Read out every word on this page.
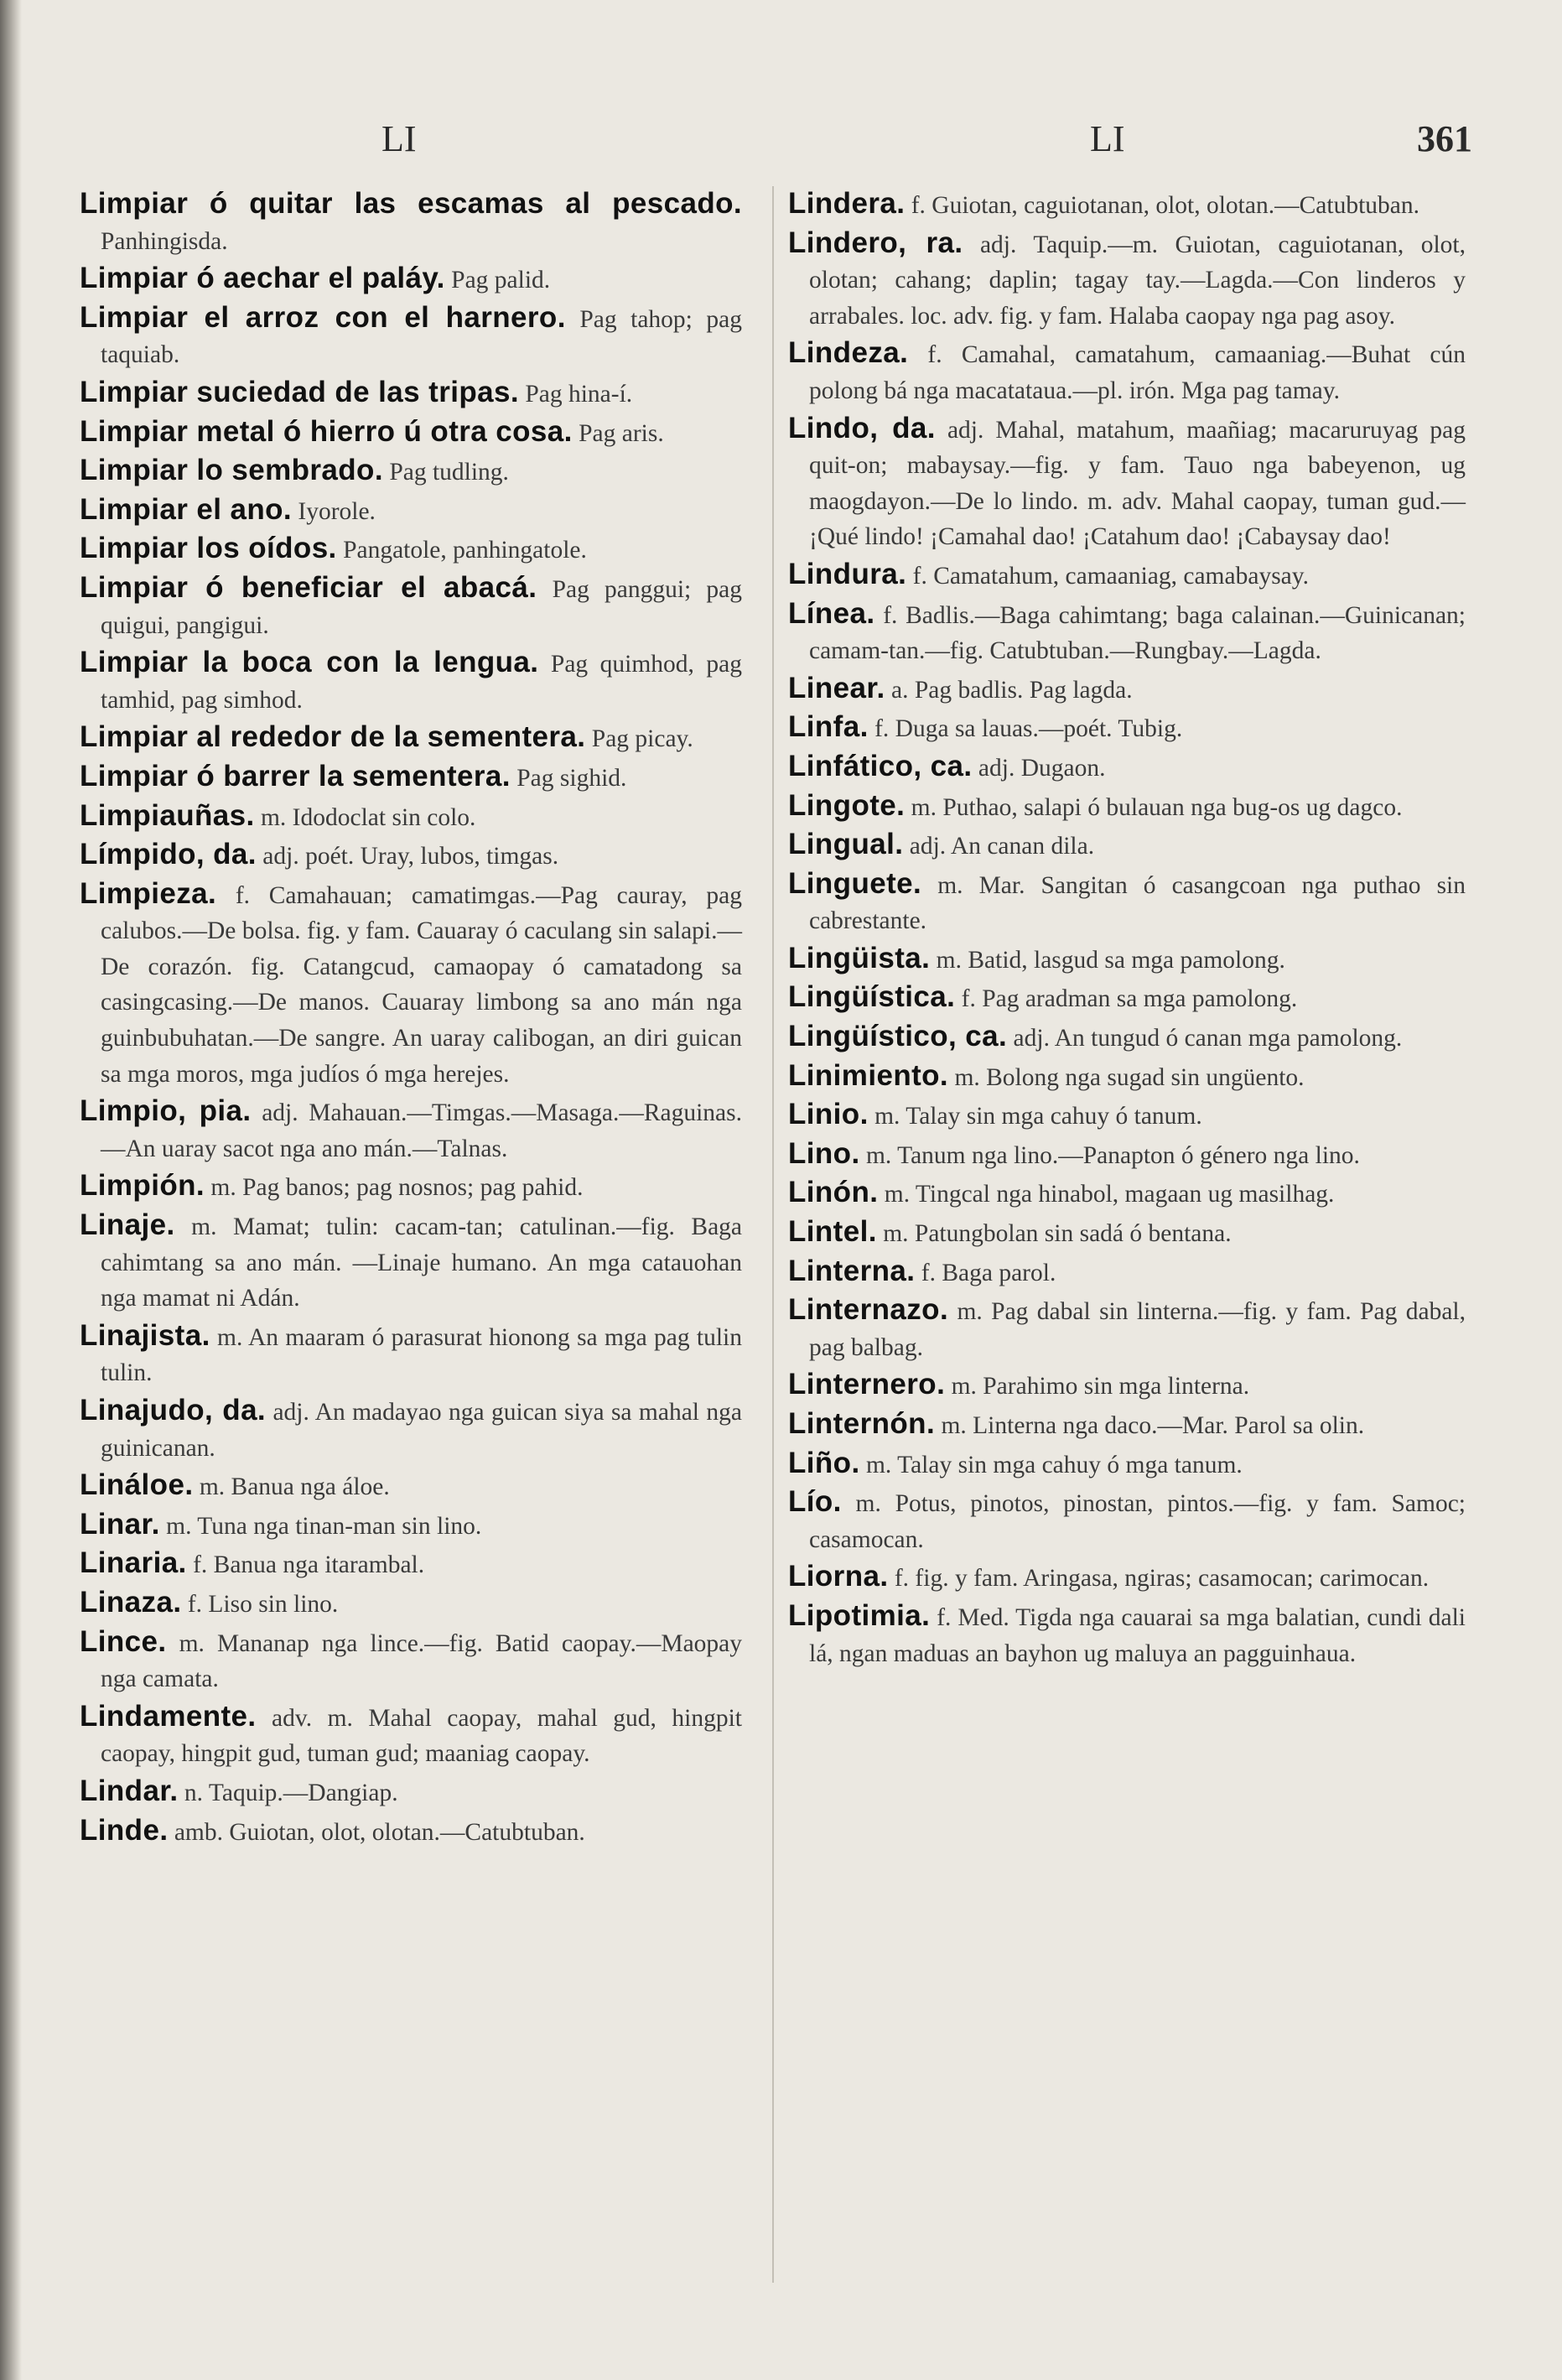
LI	LI	361
Limpiar ó quitar las escamas al pescado. Panhingisda.
Limpiar ó aechar el paláy. Pag palid.
Limpiar el arroz con el harnero. Pag tahop; pag taquiab.
Limpiar suciedad de las tripas. Pag hina-í.
Limpiar metal ó hierro ú otra cosa. Pag aris.
Limpiar lo sembrado. Pag tudling.
Limpiar el ano. Iyorole.
Limpiar los oídos. Pangatole, panhingatole.
Limpiar ó beneficiar el abacá. Pag panggui; pag quigui, pangigui.
Limpiar la boca con la lengua. Pag quimhod, pag tamhid, pag simhod.
Limpiar al rededor de la sementera. Pag picay.
Limpiar ó barrer la sementera. Pag sighid.
Limpiauñas. m. Idodoclat sin colo.
Límpido, da. adj. poét. Uray, lubos, timgas.
Limpieza. f. Camahauan; camatimgas.—Pag cauray, pag calubos.—De bolsa. fig. y fam. Cauaray ó caculang sin salapi.—De corazón. fig. Catangcud, camaopay ó camatadong sa casingcasing.—De manos. Cauaray limbong sa ano mán nga guinbubuhatan.—De sangre. An uaray calibogan, an diri guican sa mga moros, mga judíos ó mga herejes.
Limpio, pia. adj. Mahauan.—Timgas.—Masaga.—Raguinas.—An uaray sacot nga ano mán.—Talnas.
Limpión. m. Pag banos; pag nosnos; pag pahid.
Linaje. m. Mamat; tulin: cacam-tan; catulinan.—fig. Baga cahimtang sa ano mán. —Linaje humano. An mga catauohan nga mamat ni Adán.
Linajista. m. An maaram ó parasurat hionong sa mga pag tulin tulin.
Linajudo, da. adj. An madayao nga guican siya sa mahal nga guinicanan.
Lináloe. m. Banua nga áloe.
Linar. m. Tuna nga tinan-man sin lino.
Linaria. f. Banua nga itarambal.
Linaza. f. Liso sin lino.
Lince. m. Mananap nga lince.—fig. Batid caopay.—Maopay nga camata.
Lindamente. adv. m. Mahal caopay, mahal gud, hingpit caopay, hingpit gud, tuman gud; maaniag caopay.
Lindar. n. Taquip.—Dangiap.
Linde. amb. Guiotan, olot, olotan.—Catubtuban.
Lindera. f. Guiotan, caguiotanan, olot, olotan.—Catubtuban.
Lindero, ra. adj. Taquip.—m. Guiotan, caguiotanan, olot, olotan; cahang; daplin; tagay tay.—Lagda.—Con linderos y arrabales. loc. adv. fig. y fam. Halaba caopay nga pag asoy.
Lindeza. f. Camahal, camatahum, camaaniag.—Buhat cún polong bá nga macatataua.—pl. irón. Mga pag tamay.
Lindo, da. adj. Mahal, matahum, maañiag; macaruruyag pag quit-on; mabaysay.—fig. y fam. Tauo nga babeyenon, ug maogdayon.—De lo lindo. m. adv. Mahal caopay, tuman gud.—¡Qué lindo! ¡Camahal dao! ¡Catahum dao! ¡Cabaysay dao!
Lindura. f. Camatahum, camaaniag, camabaysay.
Línea. f. Badlis.—Baga cahimtang; baga calainan.—Guinicanan; camam-tan.—fig. Catubtuban.—Rungbay.—Lagda.
Linear. a. Pag badlis. Pag lagda.
Linfa. f. Duga sa lauas.—poét. Tubig.
Linfático, ca. adj. Dugaon.
Lingote. m. Puthao, salapi ó bulauan nga bug-os ug dagco.
Lingual. adj. An canan dila.
Linguete. m. Mar. Sangitan ó casangcoan nga puthao sin cabrestante.
Lingüista. m. Batid, lasgud sa mga pamolong.
Lingüística. f. Pag aradman sa mga pamolong.
Lingüístico, ca. adj. An tungud ó canan mga pamolong.
Linimiento. m. Bolong nga sugad sin ungüento.
Linio. m. Talay sin mga cahuy ó tanum.
Lino. m. Tanum nga lino.—Panapton ó género nga lino.
Linón. m. Tingcal nga hinabol, magaan ug masilhag.
Lintel. m. Patungbolan sin sadá ó bentana.
Linterna. f. Baga parol.
Linternazo. m. Pag dabal sin linterna.—fig. y fam. Pag dabal, pag balbag.
Linternero. m. Parahimo sin mga linterna.
Linternón. m. Linterna nga daco.—Mar. Parol sa olin.
Liño. m. Talay sin mga cahuy ó mga tanum.
Lío. m. Potus, pinotos, pinostan, pintos.—fig. y fam. Samoc; casamocan.
Liorna. f. fig. y fam. Aringasa, ngiras; casamocan; carimocan.
Lipotimia. f. Med. Tigda nga cauarai sa mga balatian, cundi dali lá, ngan maduas an bayhon ug maluya an pagguinhaua.
